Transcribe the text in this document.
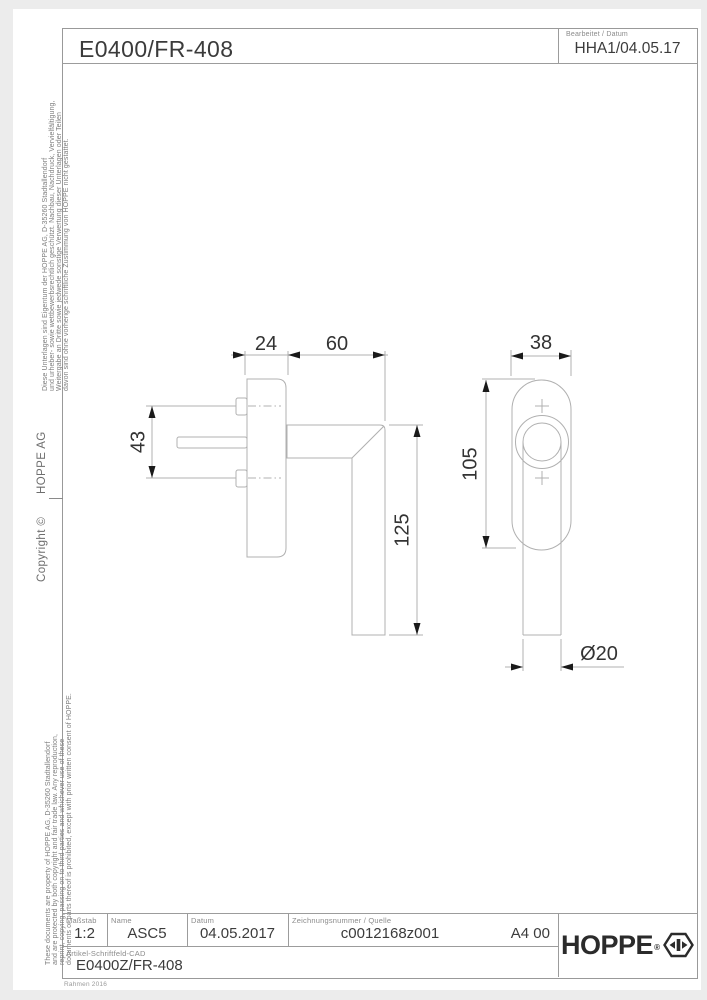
E0400/FR-408
Bearbeitet / Datum
HHA1/04.05.17
Diese Unterlagen sind Eigentum der HOPPE AG, D-35260 Stadtallendorf und urheber- sowie wettbewerbsrechtlich geschützt. Nachbau, Nachdruck, Vervielfältigung, Weitergabe an Dritte sowie jedwede sonstige Verwertung dieser Unterlagen oder Teilen davon sind ohne vorherige schriftliche Zustimmung von HOPPE nicht gestattet.
Copyright ©
HOPPE AG
These documents are property of HOPPE AG, D-35260 Stadtallendorf and are protected by both copyright and fair trade law. Any reproduction, reprint, copying, passing on to third parties and whichever use of these documents or parts thereof is prohibited, except with prior written consent of HOPPE.
24 60
43
125
38
105
Ø20
Maßstab
1:2
Name
ASC5
Datum
04.05.2017
Zeichnungsnummer / Quelle
c0012168z001	A4 00
Artikel-Schriftfeld-CAD
E0400Z/FR-408
Rahmen 2016
HOPPE®
